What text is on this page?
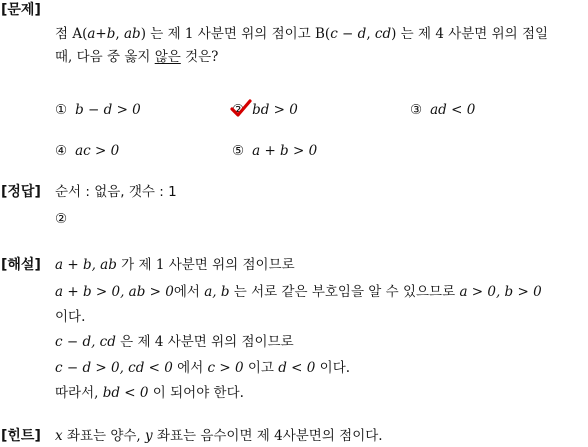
[문제]
[정답]
[해설]
[힌트]
점 A(a+b, ab) 는 제 1 사분면 위의 점이고 B(c − d, cd) 는 제 4 사분면 위의 점일
때, 다음 중 옳지 않은 것은?
① b − d > 0	② bd > 0	③ ad < 0
④ ac > 0	⑤ a + b > 0
순서 : 없음, 갯수 : 1
②
a + b, ab 가 제 1 사분면 위의 점이므로
a + b > 0, ab > 0에서 a, b 는 서로 같은 부호임을 알 수 있으므로 a > 0, b > 0
이다.
c − d, cd 은 제 4 사분면 위의 점이므로
c − d > 0, cd < 0 에서 c > 0 이고 d < 0 이다.
따라서, bd < 0 이 되어야 한다.
x 좌표는 양수, y 좌표는 음수이면 제 4사분면의 점이다.
